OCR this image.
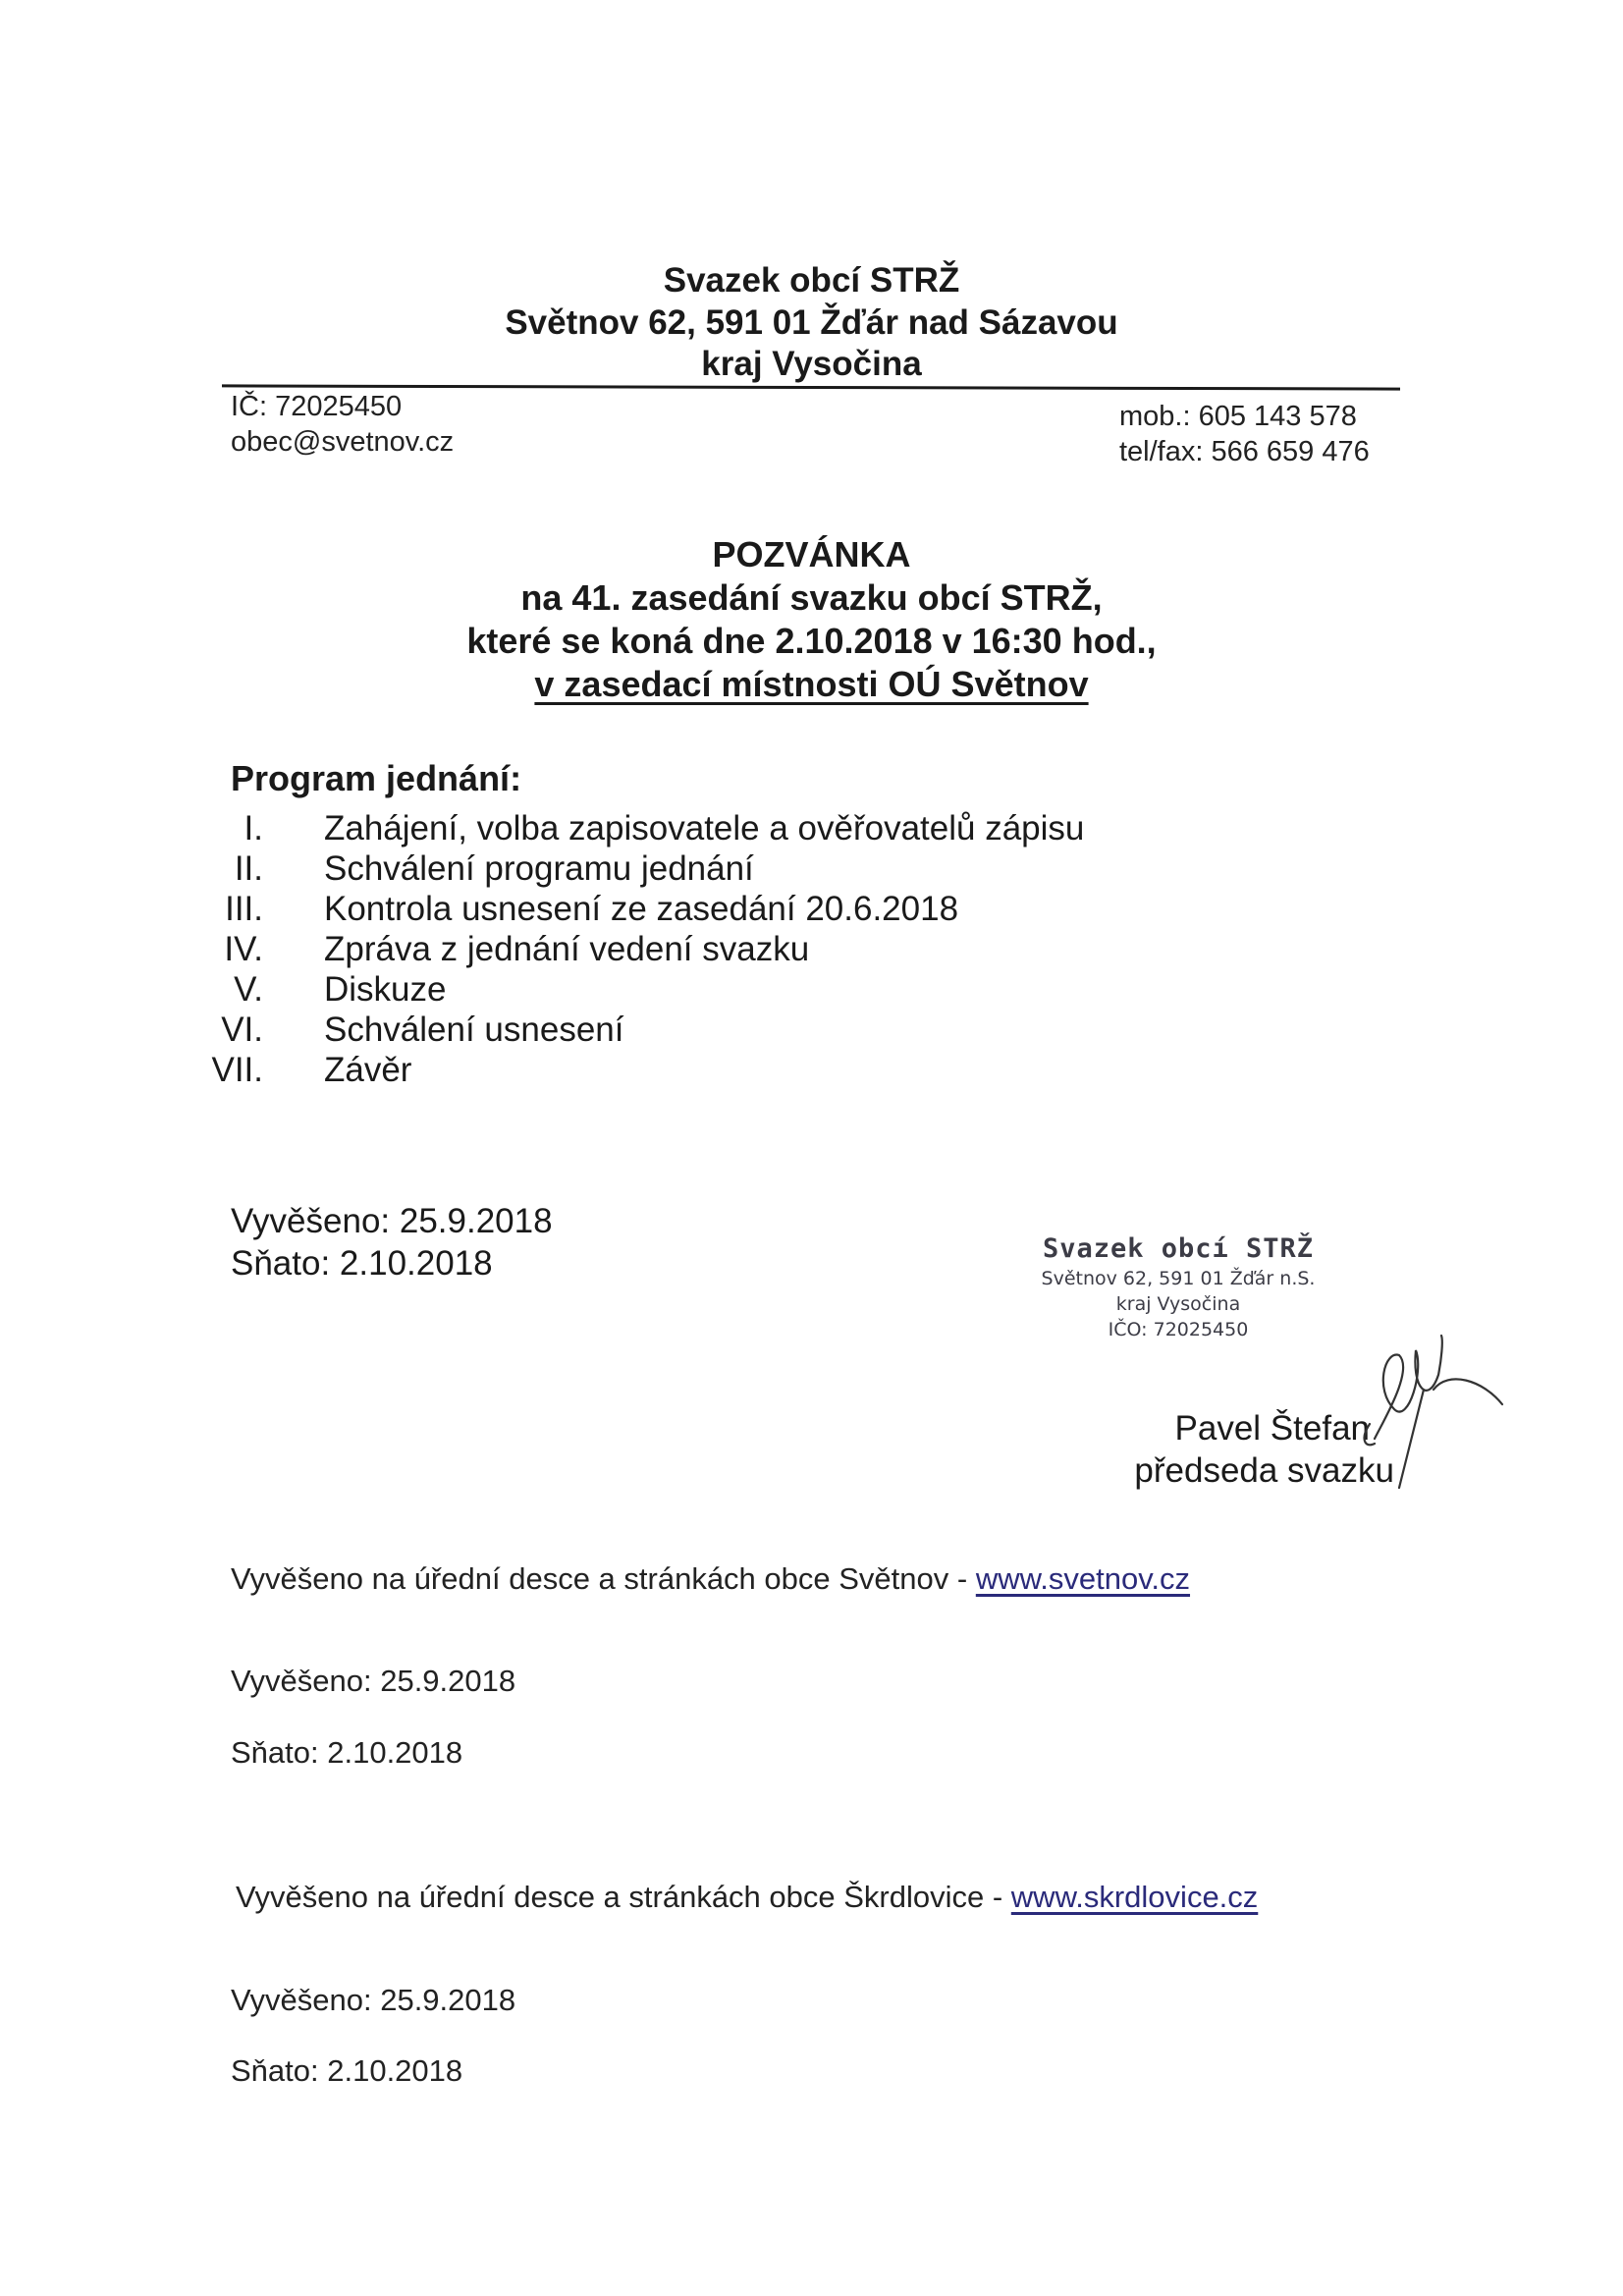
Svazek obcí STRŽ
Světnov 62, 591 01 Žďár nad Sázavou
kraj Vysočina
IČ: 72025450
obec@svetnov.cz
mob.: 605 143 578
tel/fax: 566 659 476
POZVÁNKA
na 41. zasedání svazku obcí STRŽ,
které se koná dne 2.10.2018 v 16:30 hod.,
v zasedací místnosti OÚ Světnov
Program jednání:
I. Zahájení, volba zapisovatele a ověřovatelů zápisu
II. Schválení programu jednání
III. Kontrola usnesení ze zasedání 20.6.2018
IV. Zpráva z jednání vedení svazku
V. Diskuze
VI. Schválení usnesení
VII. Závěr
Vyvěšeno: 25.9.2018
Sňato: 2.10.2018	Svazek obcí STRŽ
Světnov 62, 591 01 Žďár n.S.
kraj Vysočina
IČO: 72025450
Pavel Štefan
předseda svazku
Vyvěšeno na úřední desce a stránkách obce Světnov - www.svetnov.cz
Vyvěšeno: 25.9.2018
Sňato: 2.10.2018
Vyvěšeno na úřední desce a stránkách obce Škrdlovice - www.skrdlovice.cz
Vyvěšeno: 25.9.2018
Sňato: 2.10.2018
